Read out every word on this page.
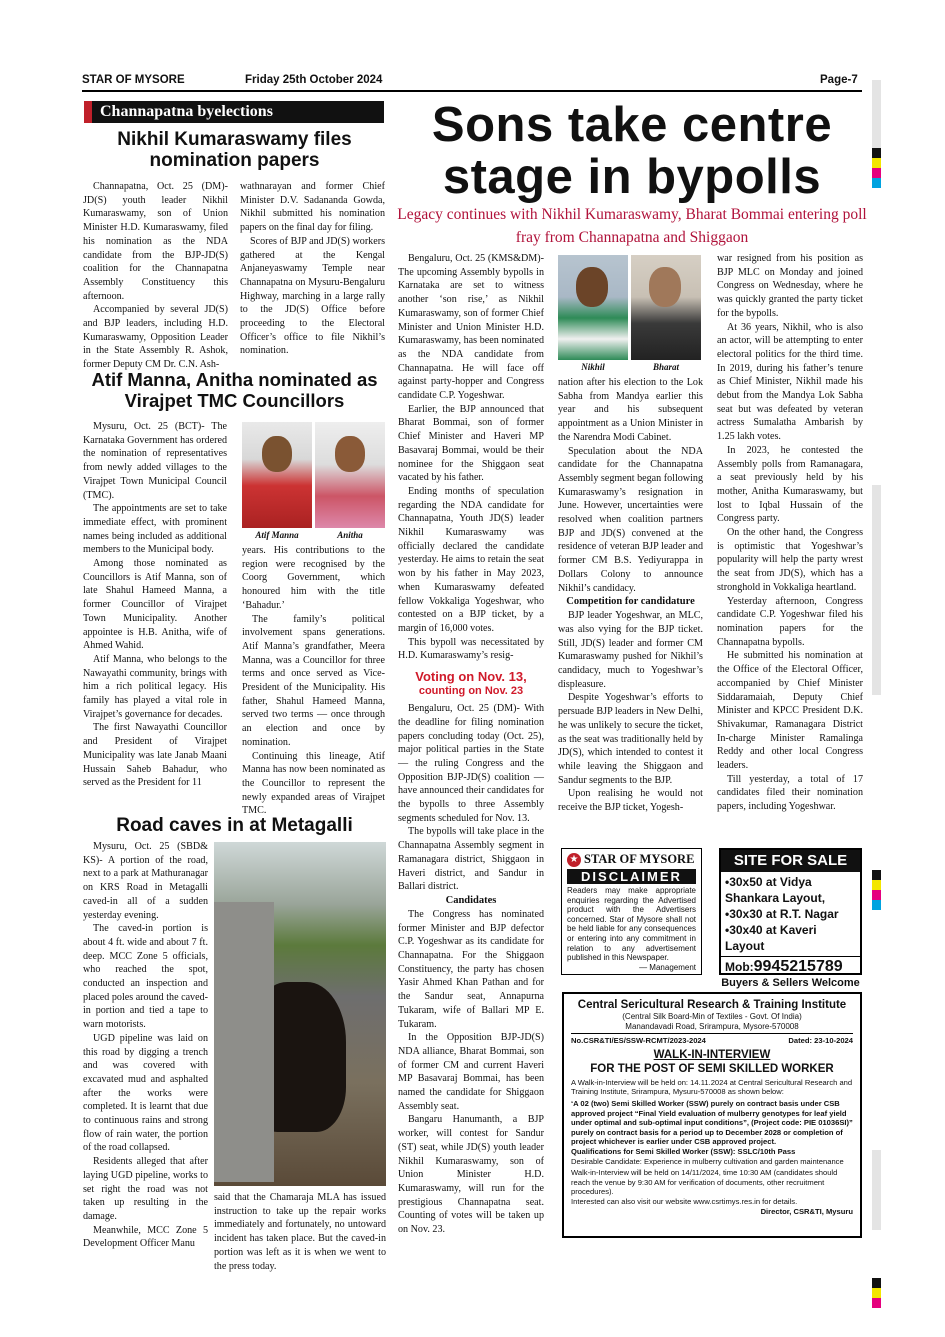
STAR OF MYSORE	Friday 25th October 2024	Page-7
Channapatna byelections
Nikhil Kumaraswamy files nomination papers

Channapatna, Oct. 25 (DM)- JD(S) youth leader Nikhil Kumaraswamy, son of Union Minister H.D. Kumaraswamy, filed his nomination as the NDA candidate from the BJP-JD(S) coalition for the Channapatna Assembly Constituency this afternoon.

Accompanied by several JD(S) and BJP leaders, including H.D. Kumaraswamy, Opposition Leader in the State Assembly R. Ashok, former Deputy CM Dr. C.N. Ash-

wathnarayan and former Chief Minister D.V. Sadananda Gowda, Nikhil submitted his nomination papers on the final day for filing.

Scores of BJP and JD(S) workers gathered at the Kengal Anjaneyaswamy Temple near Channapatna on Mysuru-Bengaluru Highway, marching in a large rally to the JD(S) Office before proceeding to the Electoral Officer’s office to file Nikhil’s nomination.

Atif Manna, Anitha nominated as Virajpet TMC Councillors

Mysuru, Oct. 25 (BCT)- The Karnataka Government has ordered the nomination of representatives from newly added villages to the Virajpet Town Municipal Council (TMC).

The appointments are set to take immediate effect, with prominent names being included as additional members to the Municipal body.

Among those nominated as Councillors is Atif Manna, son of late Shahul Hameed Manna, a former Councillor of Virajpet Town Municipality. Another appointee is H.B. Anitha, wife of Ahmed Wahid.

Atif Manna, who belongs to the Nawayathi community, brings with him a rich political legacy. His family has played a vital role in Virajpet’s governance for decades.

The first Nawayathi Councillor and President of Virajpet Municipality was late Janab Maani Hussain Saheb Bahadur, who served as the President for 11

Atif Manna	Anitha

years. His contributions to the region were recognised by the Coorg Government, which honoured him with the title ‘Bahadur.’

The family’s political involvement spans generations. Atif Manna’s grandfather, Meera Manna, was a Councillor for three terms and once served as Vice-President of the Municipality. His father, Shahul Hameed Manna, served two terms — once through an election and once by nomination.

Continuing this lineage, Atif Manna has now been nominated as the Councillor to represent the newly expanded areas of Virajpet TMC.

Road caves in at Metagalli

Mysuru, Oct. 25 (SBD& KS)- A portion of the road, next to a park at Mathuranagar on KRS Road in Metagalli caved-in all of a sudden yesterday evening.

The caved-in portion is about 4 ft. wide and about 7 ft. deep. MCC Zone 5 officials, who reached the spot, conducted an inspection and placed poles around the caved-in portion and tied a tape to warn motorists.

UGD pipeline was laid on this road by digging a trench and was covered with excavated mud and asphalted after the works were completed. It is learnt that due to continuous rains and strong flow of rain water, the portion of the road collapsed.

Residents alleged that after laying UGD pipeline, works to set right the road was not taken up resulting in the damage.

Meanwhile, MCC Zone 5 Development Officer Manu

said that the Chamaraja MLA has issued instruction to take up the repair works immediately and fortunately, no untoward incident has taken place. But the caved-in portion was left as it is when we went to the press today.

Sons take centre
stage in bypolls
Legacy continues with Nikhil Kumaraswamy, Bharat Bommai entering poll fray from Channapatna and Shiggaon

Bengaluru, Oct. 25 (KMS&DM)- The upcoming Assembly bypolls in Karnataka are set to witness another ‘son rise,’ as Nikhil Kumaraswamy, son of former Chief Minister and Union Minister H.D. Kumaraswamy, has been nominated as the NDA candidate from Channapatna. He will face off against party-hopper and Congress candidate C.P. Yogeshwar.

Earlier, the BJP announced that Bharat Bommai, son of former Chief Minister and Haveri MP Basavaraj Bommai, would be their nominee for the Shiggaon seat vacated by his father.

Ending months of speculation regarding the NDA candidate for Channapatna, Youth JD(S) leader Nikhil Kumaraswamy was officially declared the candidate yesterday. He aims to retain the seat won by his father in May 2023, when Kumaraswamy defeated fellow Vokkaliga Yogeshwar, who contested on a BJP ticket, by a margin of 16,000 votes.

This bypoll was necessitated by H.D. Kumaraswamy’s resig-

Voting on Nov. 13,
counting on Nov. 23

Bengaluru, Oct. 25 (DM)- With the deadline for filing nomination papers concluding today (Oct. 25), major political parties in the State — the ruling Congress and the Opposition BJP-JD(S) coalition — have announced their candidates for the bypolls to three Assembly segments scheduled for Nov. 13.

The bypolls will take place in the Channapatna Assembly segment in Ramanagara district, Shiggaon in Haveri district, and Sandur in Ballari district.

Candidates

The Congress has nominated former Minister and BJP defector C.P. Yogeshwar as its candidate for Channapatna. For the Shiggaon Constituency, the party has chosen Yasir Ahmed Khan Pathan and for the Sandur seat, Annapurna Tukaram, wife of Ballari MP E. Tukaram.

In the Opposition BJP-JD(S) NDA alliance, Bharat Bommai, son of former CM and current Haveri MP Basavaraj Bommai, has been named the candidate for Shiggaon Assembly seat.

Bangaru Hanumanth, a BJP worker, will contest for Sandur (ST) seat, while JD(S) youth leader Nikhil Kumaraswamy, son of Union Minister H.D. Kumaraswamy, will run for the prestigious Channapatna seat. Counting of votes will be taken up on Nov. 23.

Nikhil	Bharat

nation after his election to the Lok Sabha from Mandya earlier this year and his subsequent appointment as a Union Minister in the Narendra Modi Cabinet.

Speculation about the NDA candidate for the Channapatna Assembly segment began following Kumaraswamy’s resignation in June. However, uncertainties were resolved when coalition partners BJP and JD(S) convened at the residence of veteran BJP leader and former CM B.S. Yediyurappa in Dollars Colony to announce Nikhil’s candidacy.

Competition for candidature

BJP leader Yogeshwar, an MLC, was also vying for the BJP ticket. Still, JD(S) leader and former CM Kumaraswamy pushed for Nikhil’s candidacy, much to Yogeshwar’s displeasure.

Despite Yogeshwar’s efforts to persuade BJP leaders in New Delhi, he was unlikely to secure the ticket, as the seat was traditionally held by JD(S), which intended to contest it while leaving the Shiggaon and Sandur segments to the BJP.

Upon realising he would not receive the BJP ticket, Yogesh-

war resigned from his position as BJP MLC on Monday and joined Congress on Wednesday, where he was quickly granted the party ticket for the bypolls.

At 36 years, Nikhil, who is also an actor, will be attempting to enter electoral politics for the third time. In 2019, during his father’s tenure as Chief Minister, Nikhil made his debut from the Mandya Lok Sabha seat but was defeated by veteran actress Sumalatha Ambarish by 1.25 lakh votes.

In 2023, he contested the Assembly polls from Ramanagara, a seat previously held by his mother, Anitha Kumaraswamy, but lost to Iqbal Hussain of the Congress party.

On the other hand, the Congress is optimistic that Yogeshwar’s popularity will help the party wrest the seat from JD(S), which has a stronghold in Vokkaliga heartland.

Yesterday afternoon, Congress candidate C.P. Yogeshwar filed his nomination papers for the Channapatna bypolls.

He submitted his nomination at the Office of the Electoral Officer, accompanied by Chief Minister Siddaramaiah, Deputy Chief Minister and KPCC President D.K. Shivakumar, Ramanagara District In-charge Minister Ramalinga Reddy and other local Congress leaders.

Till yesterday, a total of 17 candidates filed their nomination papers, including Yogeshwar.

★ STAR OF MYSORE
DISCLAIMER
Readers may make appropriate enquiries regarding the Advertised product with the Advertisers concerned. Star of Mysore shall not be held liable for any consequences or entering into any commitment in relation to any advertisement published in this Newspaper.
— Management
SITE FOR SALE
•30x50 at Vidya Shankara Layout,
•30x30 at R.T. Nagar
•30x40 at Kaveri Layout
Mob:9945215789
Buyers & Sellers Welcome
Central Sericultural Research & Training Institute
(Central Silk Board-Min of Textiles - Govt. Of India)
Manandavadi Road, Srirampura, Mysore-570008
No.CSR&TI/ES/SSW-RCMT/2023-2024	Dated: 23-10-2024
WALK-IN-INTERVIEW
FOR THE POST OF SEMI SKILLED WORKER
A Walk-in-Interview will be held on: 14.11.2024 at Central Sericultural Research and Training Institute, Srirampura, Mysuru-570008 as shown below:
‘A 02 (two) Semi Skilled Worker (SSW) purely on contract basis under CSB approved project “Final Yield evaluation of mulberry genotypes for leaf yield under optimal and sub-optimal input conditions”, (Project code: PIE 01036SI)” purely on contract basis for a period up to December 2028 or completion of project whichever is earlier under CSB approved project.
Qualifications for Semi Skilled Worker (SSW): SSLC/10th Pass
Desirable Candidate: Experience in mulberry cultivation and garden maintenance
Walk-in-Interview will be held on 14/11/2024, time 10:30 AM (candidates should reach the venue by 9:30 AM for verification of documents, other recruitment procedures).
Interested can also visit our website www.csrtimys.res.in for details.
Director, CSR&TI, Mysuru
